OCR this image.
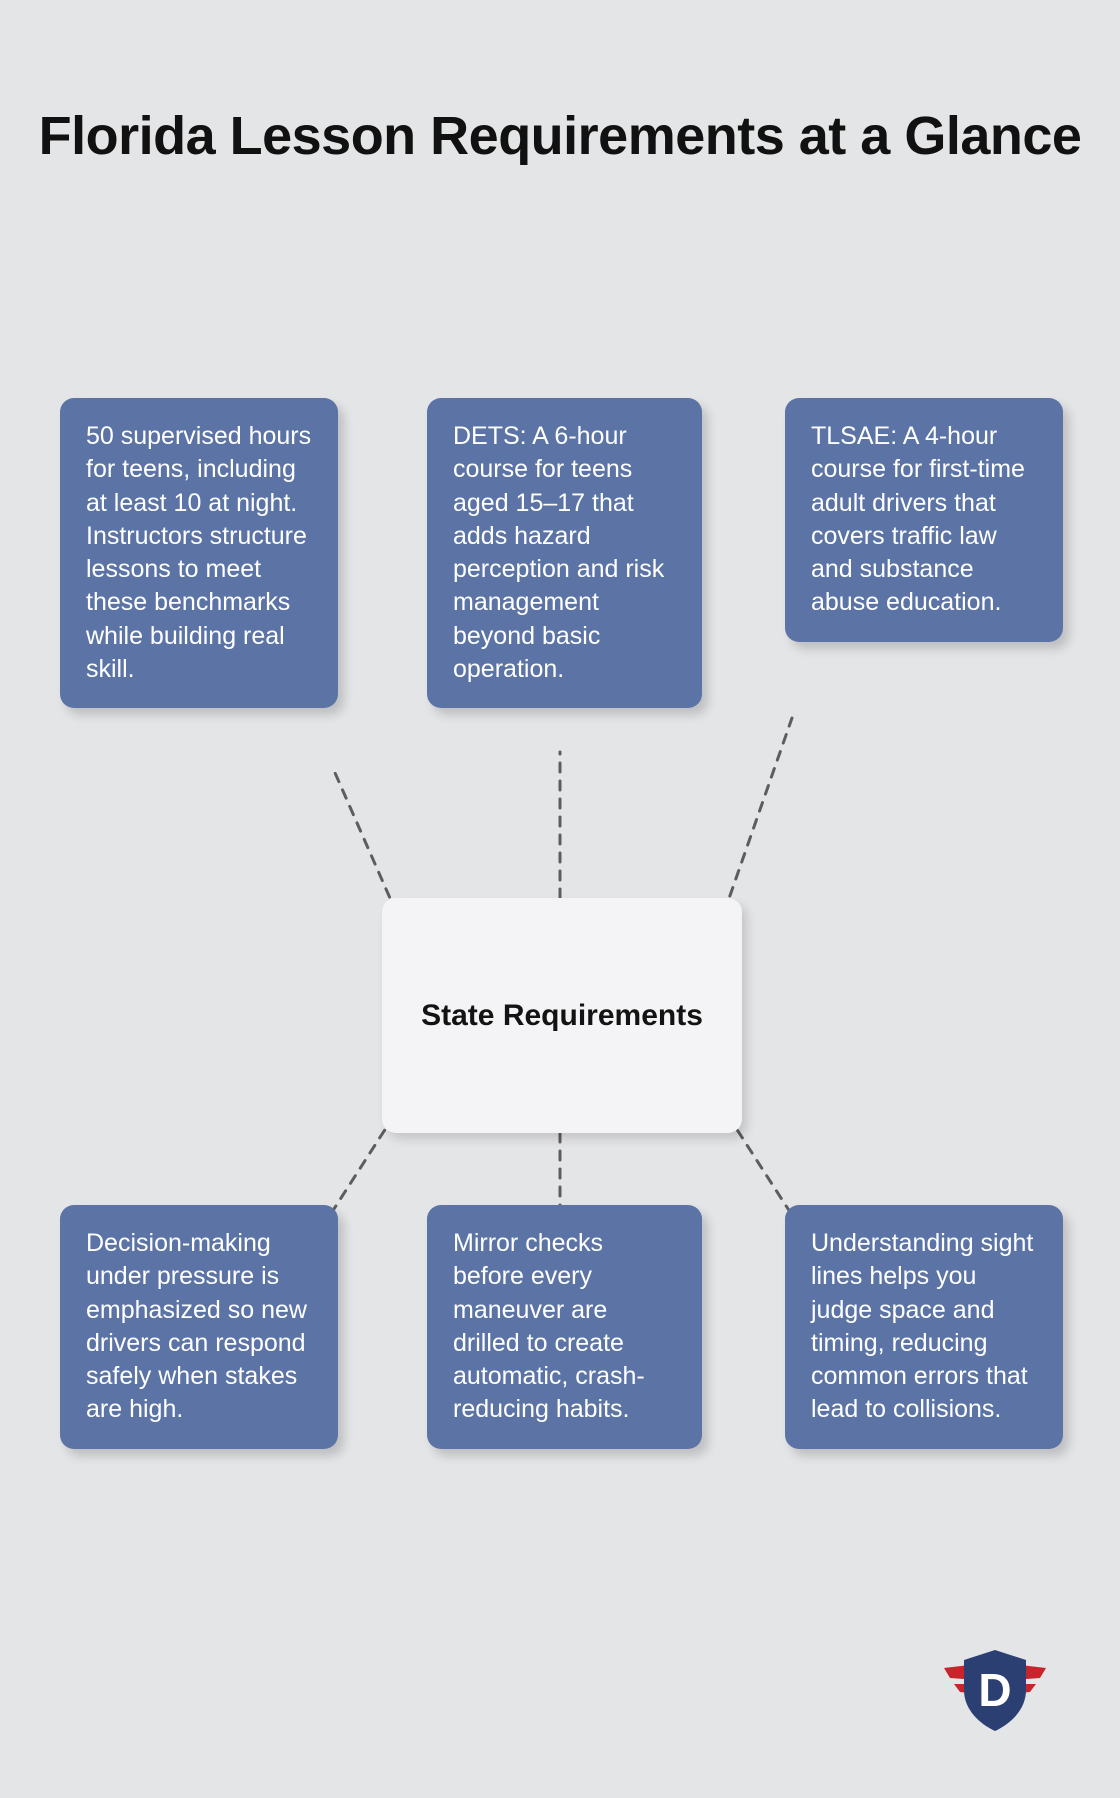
Florida Lesson Requirements at a Glance
50 supervised hours for teens, including at least 10 at night. Instructors structure lessons to meet these benchmarks while building real skill.
DETS: A 6-hour course for teens aged 15–17 that adds hazard perception and risk management beyond basic operation.
TLSAE: A 4-hour course for first-time adult drivers that covers traffic law and substance abuse education.
State Requirements
Decision-making under pressure is emphasized so new drivers can respond safely when stakes are high.
Mirror checks before every maneuver are drilled to create automatic, crash-reducing habits.
Understanding sight lines helps you judge space and timing, reducing common errors that lead to collisions.
D
